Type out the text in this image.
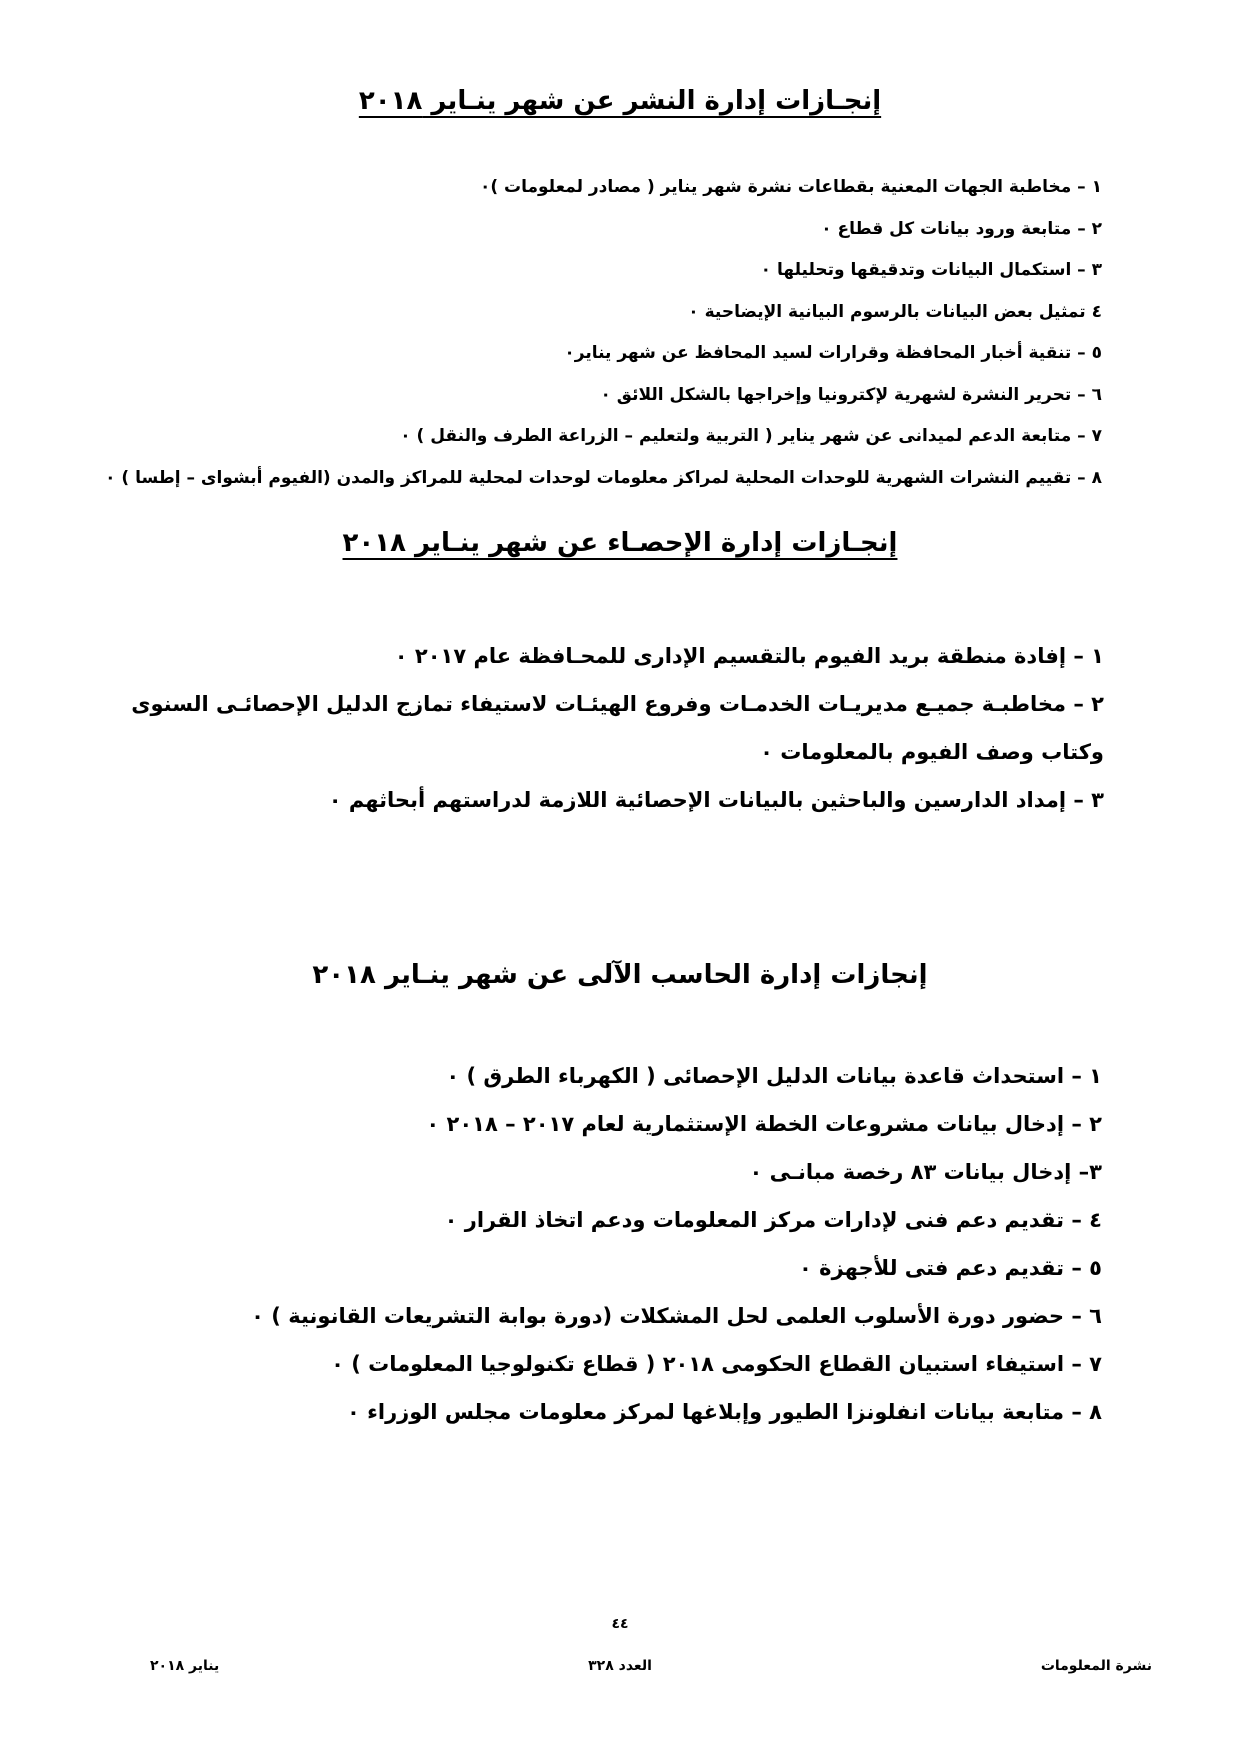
إنجـازات إدارة النشر عن شهر ينـاير ٢٠١٨
١ – مخاطبة الجهات المعنية بقطاعات نشرة شهر يناير ( مصادر لمعلومات )٠
٢ – متابعة ورود بيانات كل قطاع ٠
٣ – استكمال البيانات وتدقيقها وتحليلها ٠
٤ تمثيل بعض البيانات بالرسوم البيانية الإيضاحية ٠
٥ – تنقية أخبار المحافظة وقرارات لسيد المحافظ عن شهر يناير٠
٦ – تحرير النشرة لشهرية لإكترونيا وإخراجها بالشكل اللائق ٠
٧ – متابعة الدعم لميدانى عن شهر يناير ( التربية ولتعليم – الزراعة الطرف والنقل ) ٠
٨ – تقييم النشرات الشهرية للوحدات المحلية لمراكز معلومات لوحدات لمحلية للمراكز والمدن (الفيوم أبشواى – إطسا ) ٠
إنجـازات إدارة الإحصـاء عن شهر ينـاير ٢٠١٨
١ – إفادة منطقة بريد الفيوم بالتقسيم الإدارى للمحـافظة عام ٢٠١٧ ٠
٢ – مخاطبـة جميـع مديريـات الخدمـات وفروع الهيئـات لاستيفاء تمازج الدليل الإحصائـى السنوى وكتاب وصف الفيوم بالمعلومات ٠
٣ – إمداد الدارسين والباحثين بالبيانات الإحصائية اللازمة لدراستهم أبحاثهم ٠
إنجازات إدارة الحاسب الآلى عن شهر ينـاير ٢٠١٨
١ – استحداث قاعدة بيانات الدليل الإحصائى ( الكهرباء الطرق ) ٠
٢ – إدخال بيانات مشروعات الخطة الإستثمارية لعام ٢٠١٧ – ٢٠١٨ ٠
٣– إدخال بيانات ٨٣ رخصة مبانـى ٠
٤ – تقديم دعم فنى لإدارات مركز المعلومات ودعم اتخاذ القرار ٠
٥ – تقديم دعم فتى للأجهزة ٠
٦ – حضور دورة الأسلوب العلمى لحل المشكلات (دورة بوابة التشريعات القانونية ) ٠
٧ – استيفاء استبيان القطاع الحكومى ٢٠١٨ ( قطاع تكنولوجيا المعلومات ) ٠
٨ – متابعة بيانات انفلونزا الطيور وإبلاغها لمركز معلومات مجلس الوزراء ٠
٤٤
نشرة المعلومات
العدد ٣٢٨
يناير ٢٠١٨
